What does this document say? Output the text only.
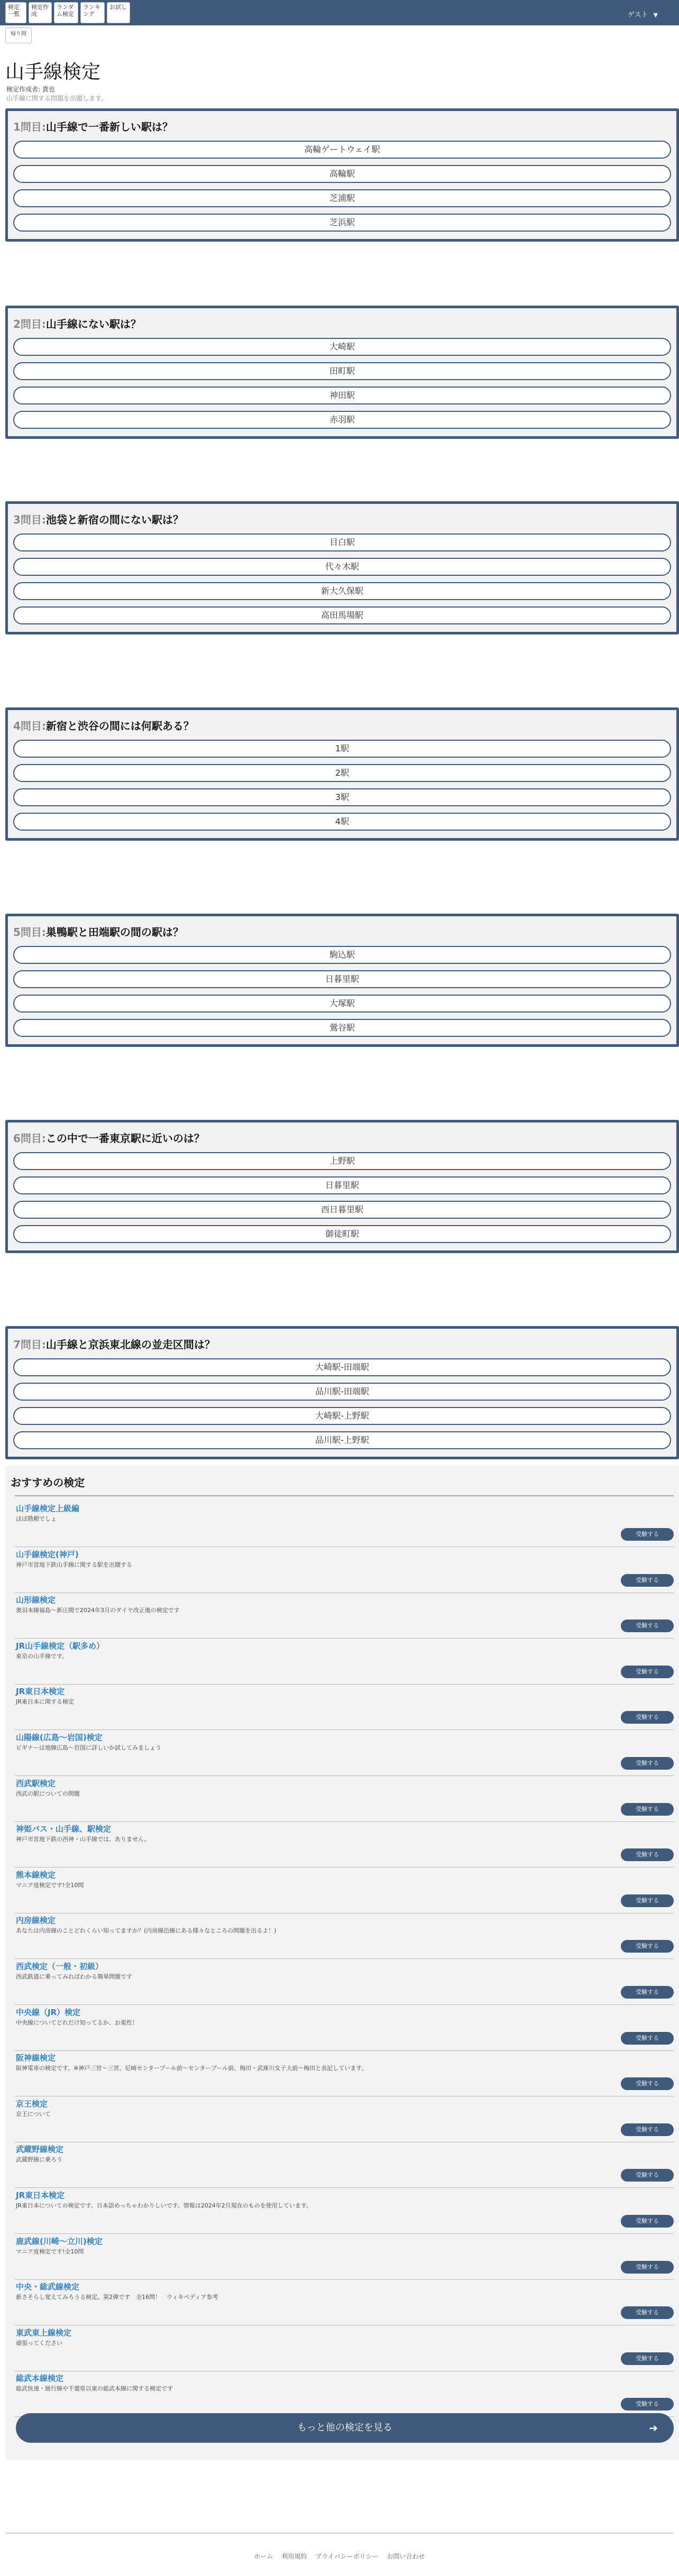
検定一覧
検定作成
ランダム検定
ランキング
お試し
ゲスト ▼
帰り問
山手線検定
検定作成者: 貴也
山手線に関する問題を出題します。
1問目:山手線で一番新しい駅は？
高輪ゲートウェイ駅
高輪駅
芝浦駅
芝浜駅
2問目:山手線にない駅は？
大崎駅
田町駅
神田駅
赤羽駅
3問目:池袋と新宿の間にない駅は？
目白駅
代々木駅
新大久保駅
高田馬場駅
4問目:新宿と渋谷の間には何駅ある？
1駅
2駅
3駅
4駅
5問目:巣鴨駅と田端駅の間の駅は？
駒込駅
日暮里駅
大塚駅
鶯谷駅
6問目:この中で一番東京駅に近いのは？
上野駅
日暮里駅
西日暮里駅
御徒町駅
7問目:山手線と京浜東北線の並走区間は？
大崎駅-田端駅
品川駅-田端駅
大崎駅-上野駅
品川駅-上野駅
おすすめの検定
山手線検定上級編
ほぼ勘頼でしょ
受験する
山手線検定(神戸)
神戸市営地下鉄山手線に関する駅を出題する
受験する
山形線検定
奥羽本線福島〜新庄間で2024年3月のダイヤ改正後の検定です
受験する
JR山手線検定（駅多め）
東京の山手線です。
受験する
JR東日本検定
JR東日本に関する検定
受験する
山陽線(広島〜岩国)検定
ビギナーは地線広島〜岩国に詳しいか試してみましょう
受験する
西武駅検定
西武の駅についての問題
受験する
神姫バス・山手線、駅検定
神戸市営地下鉄の西神・山手線では、ありません。
受験する
熊本線検定
マニア度検定です!全10問
受験する
内房線検定
あなたは内房線のことどれくらい知ってますか？(内房線沿線にある様々なところの問題を出るよ！)
受験する
西武検定（一般・初級）
西武鉄道に乗ってみればわかる簡単問題です
受験する
中央線（JR）検定
中央線についてどれだけ知ってるか、お楽性！
受験する
阪神線検定
阪神電車の検定です。※神戸三宮〜三宮、尼崎センタープール前〜センタープール前、梅田・武庫川女子大前〜梅田と表記しています。
受験する
京王検定
京王について
受験する
武蔵野線検定
武蔵野線に乗ろう
受験する
JR東日本検定
JR東日本についての検定です。日本語めっちゃわかりしいです。情報は2024年2月現在のものを使用しています。
受験する
鹿武線(川崎〜立川)検定
マニア度検定です!全10問
受験する
中央・総武線検定
新さそらし覚えてみろうる検定。第2弾です　全16問！　ウィキペディア参考
受験する
東武東上線検定
頑張ってください
受験する
総武本線検定
総武快速・緩行線や千葉県以東の総武本線に関する検定です
受験する
もっと他の検定を見る	➔
ホーム 利用規約 プライバシーポリシー お問い合わせ
